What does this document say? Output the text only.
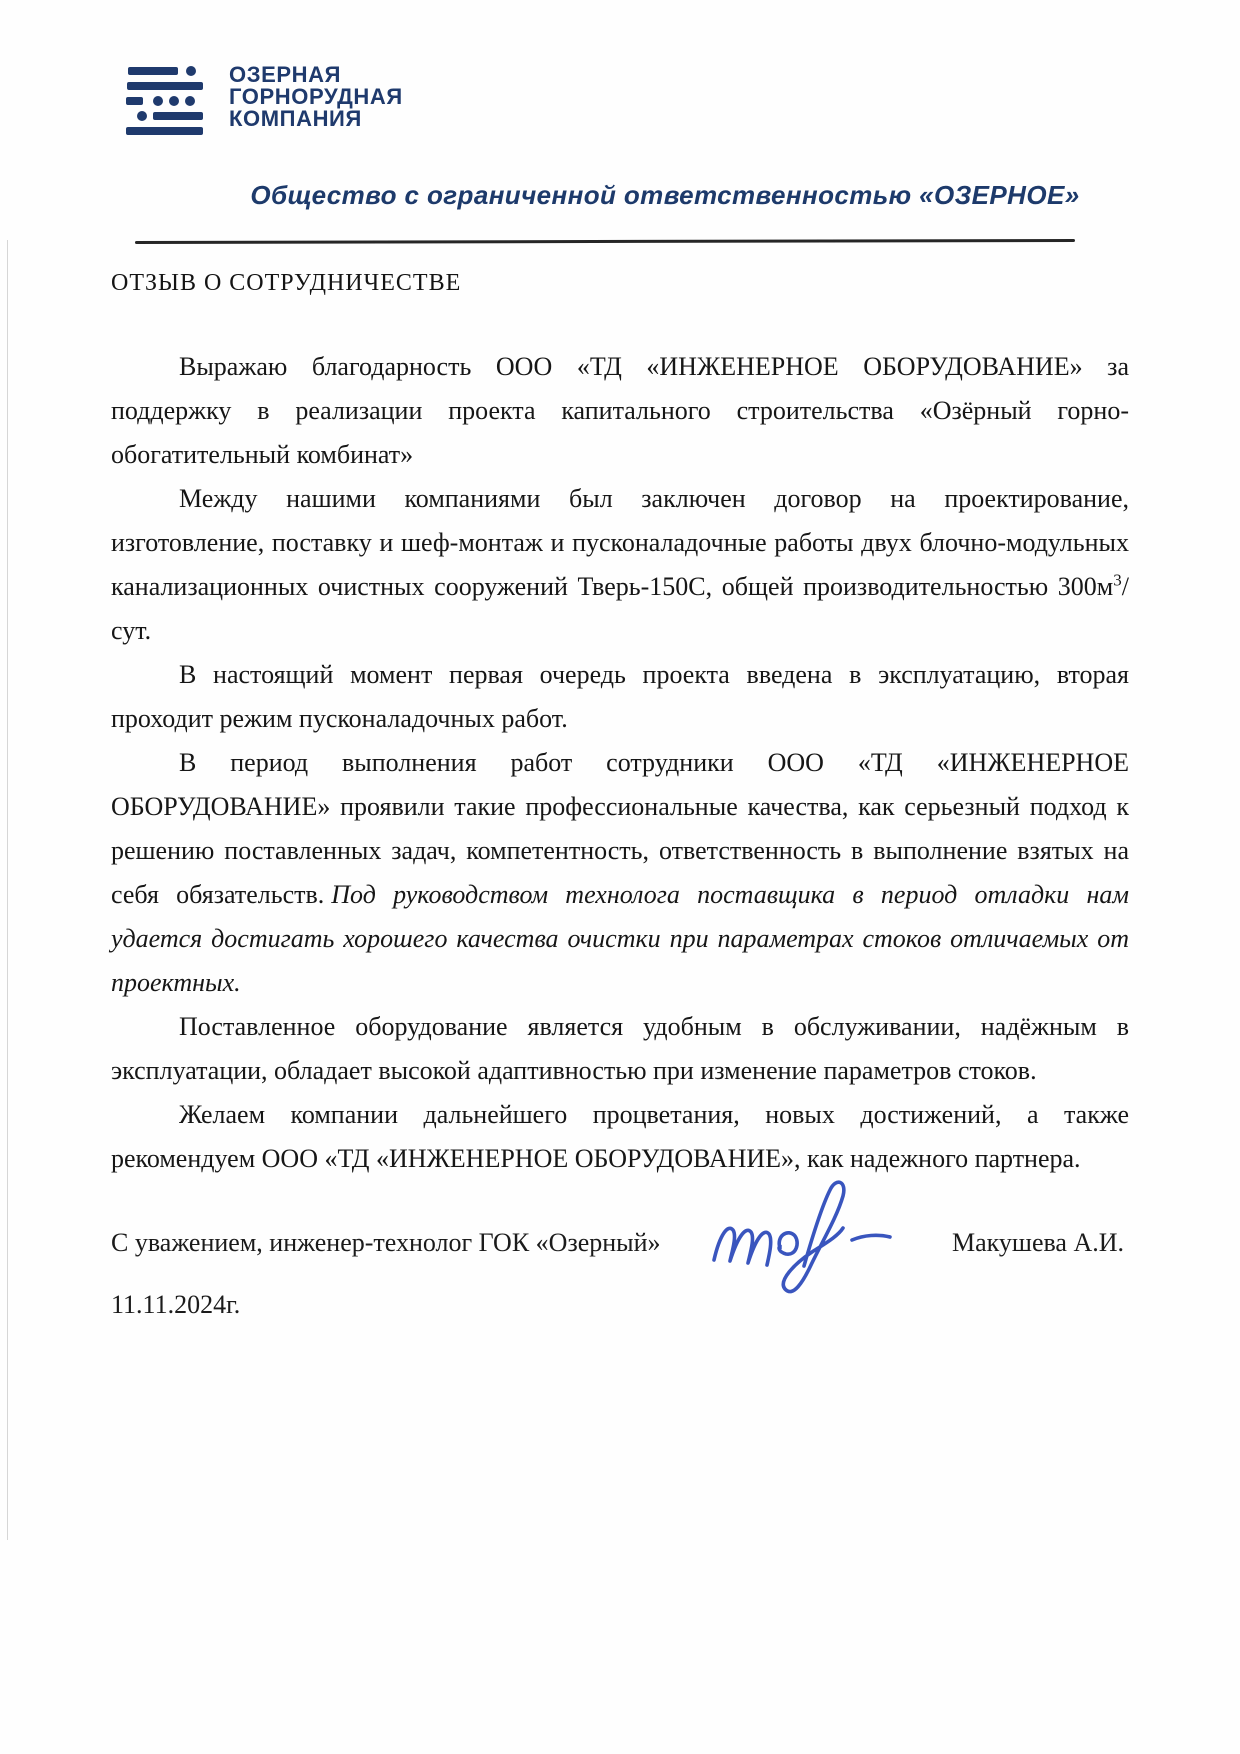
ОЗЕРНАЯ
ГОРНОРУДНАЯ
КОМПАНИЯ
Общество с ограниченной ответственностью «ОЗЕРНОЕ»
ОТЗЫВ О СОТРУДНИЧЕСТВЕ

Выражаю благодарность ООО «ТД «ИНЖЕНЕРНОЕ ОБОРУДОВАНИЕ» за поддержку в реализации проекта капитального строительства «Озёрный горно-обогатительный комбинат»

Между нашими компаниями был заключен договор на проектирование, изготовление, поставку и шеф-монтаж и пусконаладочные работы двух блочно-модульных канализационных очистных сооружений Тверь-150С, общей производительностью $300м^3$/сут.

В настоящий момент первая очередь проекта введена в эксплуатацию, вторая проходит режим пусконаладочных работ.

В период выполнения работ сотрудники ООО «ТД «ИНЖЕНЕРНОЕ ОБОРУДОВАНИЕ» проявили такие профессиональные качества, как серьезный подход к решению поставленных задач, компетентность, ответственность в выполнение взятых на себя обязательств. Под руководством технолога поставщика в период отладки нам удается достигать хорошего качества очистки при параметрах стоков отличаемых от проектных.

Поставленное оборудование является удобным в обслуживании, надёжным в эксплуатации, обладает высокой адаптивностью при изменение параметров стоков.

Желаем компании дальнейшего процветания, новых достижений, а также рекомендуем ООО «ТД «ИНЖЕНЕРНОЕ ОБОРУДОВАНИЕ», как надежного партнера.

С уважением, инженер-технолог ГОК «Озерный»	Макушева А.И.
11.11.2024г.
